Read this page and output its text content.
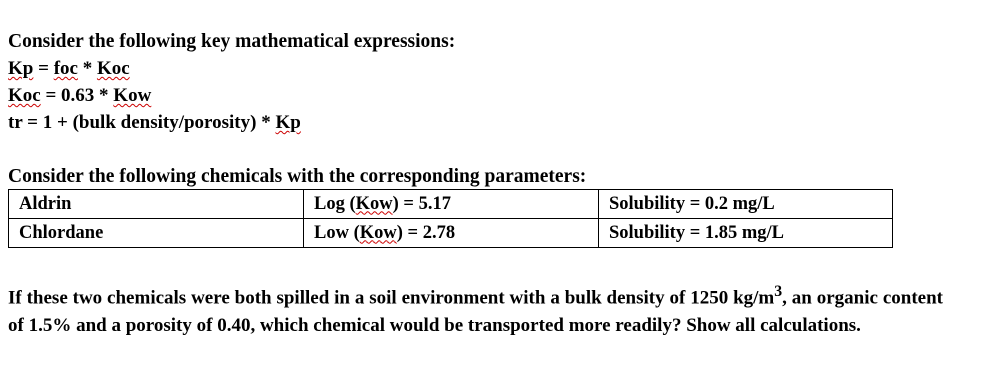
Consider the following key mathematical expressions:
Kp = foc * Koc
Koc = 0.63 * Kow
tr = 1 + (bulk density/porosity) * Kp
Consider the following chemicals with the corresponding parameters:
Aldrin	Log (Kow) = 5.17	Solubility = 0.2 mg/L
Chlordane	Low (Kow) = 2.78	Solubility = 1.85 mg/L
If these two chemicals were both spilled in a soil environment with a bulk density of 1250 $kg/m^3$, an organic content of 1.5% and a porosity of 0.40, which chemical would be transported more readily? Show all calculations.
